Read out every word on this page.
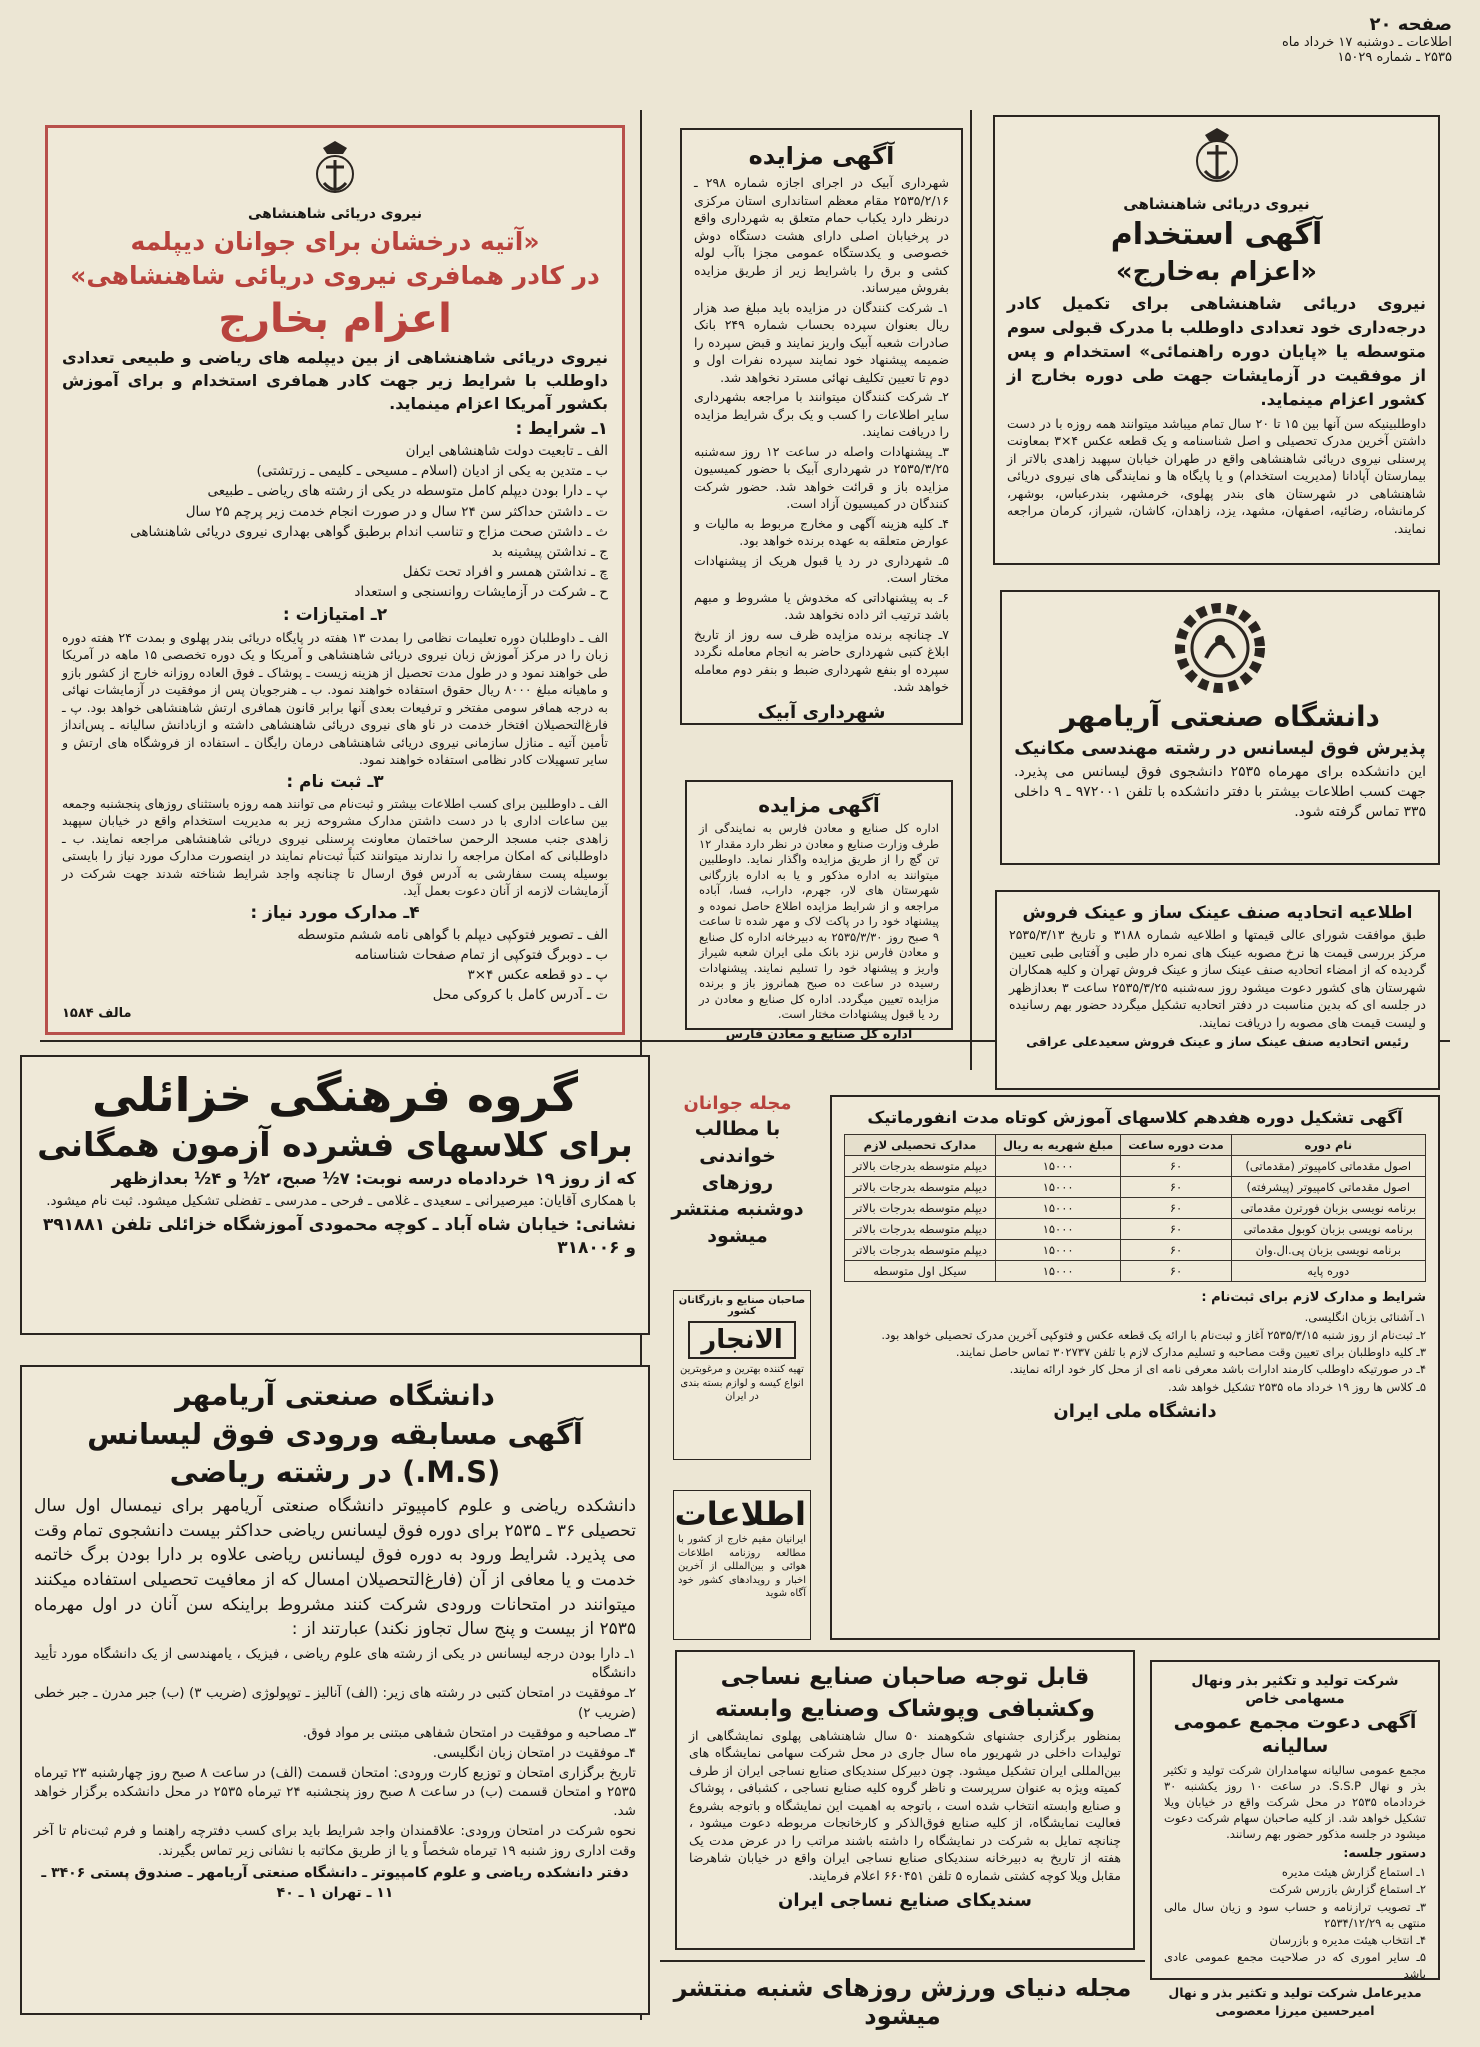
صفحه ۲۰
اطلاعات ـ دوشنبه ۱۷ خرداد ماه
۲۵۳۵ ـ شماره ۱۵۰۲۹
نیروی دریائی شاهنشاهی
آگهی استخدام
«اعزام به‌خارج»
نیروی دریائی شاهنشاهی برای تکمیل کادر درجه‌داری خود تعدادی داوطلب با مدرک قبولی سوم متوسطه یا «پایان دوره راهنمائی» استخدام و پس از موفقیت در آزمایشات جهت طی دوره بخارج از کشور اعزام مینماید.
داوطلبینیکه سن آنها بین ۱۵ تا ۲۰ سال تمام میباشد میتوانند همه روزه با در دست داشتن آخرین مدرک تحصیلی و اصل شناسنامه و یک قطعه عکس ۴×۳ بمعاونت پرسنلی نیروی دریائی شاهنشاهی واقع در طهران خیابان سپهبد زاهدی بالاتر از بیمارستان آپادانا (مدیریت استخدام) و یا پایگاه ها و نمایندگی های نیروی دریائی شاهنشاهی در شهرستان های بندر پهلوی، خرمشهر، بندرعباس، بوشهر، کرمانشاه، رضائیه، اصفهان، مشهد، یزد، زاهدان، کاشان، شیراز، کرمان مراجعه نمایند.
دانشگاه صنعتی آریامهر
پذیرش فوق لیسانس در رشته مهندسی مکانیک
این دانشکده برای مهرماه ۲۵۳۵ دانشجوی فوق لیسانس می پذیرد. جهت کسب اطلاعات بیشتر با دفتر دانشکده با تلفن ۹۷۲۰۰۱ ـ ۹ داخلی ۳۳۵ تماس گرفته شود.
اطلاعیه اتحادیه صنف عینک ساز و عینک فروش
طبق موافقت شورای عالی قیمتها و اطلاعیه شماره ۳۱۸۸ و تاریخ ۲۵۳۵/۳/۱۳ مرکز بررسی قیمت ها نرخ مصوبه عینک های نمره دار طبی و آفتابی طبی تعیین گردیده که از امضاء اتحادیه صنف عینک ساز و عینک فروش تهران و کلیه همکاران شهرستان های کشور دعوت میشود روز سه‌شنبه ۲۵۳۵/۳/۲۵ ساعت ۳ بعدازظهر در جلسه ای که بدین مناسبت در دفتر اتحادیه تشکیل میگردد حضور بهم رسانیده و لیست قیمت های مصوبه را دریافت نمایند.
رئیس اتحادیه صنف عینک ساز و عینک فروش سعیدعلی عراقی
آگهی مزایده
شهرداری آبیک در اجرای اجازه شماره ۲۹۸ ـ ۲۵۳۵/۲/۱۶ مقام معظم استانداری استان مرکزی درنظر دارد یکباب حمام متعلق به شهرداری واقع در پرخیابان اصلی دارای هشت دستگاه دوش خصوصی و یکدستگاه عمومی مجزا باآب لوله کشی و برق را باشرایط زیر از طریق مزایده بفروش میرساند.
۱ـ شرکت کنندگان در مزایده باید مبلغ صد هزار ریال بعنوان سپرده بحساب شماره ۲۴۹ بانک صادرات شعبه آبیک واریز نمایند و قبض سپرده را ضمیمه پیشنهاد خود نمایند سپرده نفرات اول و دوم تا تعیین تکلیف نهائی مسترد نخواهد شد.
۲ـ شرکت کنندگان میتوانند با مراجعه بشهرداری سایر اطلاعات را کسب و یک برگ شرایط مزایده را دریافت نمایند.
۳ـ پیشنهادات واصله در ساعت ۱۲ روز سه‌شنبه ۲۵۳۵/۳/۲۵ در شهرداری آبیک با حضور کمیسیون مزایده باز و قرائت خواهد شد. حضور شرکت کنندگان در کمیسیون آزاد است.
۴ـ کلیه هزینه آگهی و مخارج مربوط به مالیات و عوارض متعلقه به عهده برنده خواهد بود.
۵ـ شهرداری در رد یا قبول هریک از پیشنهادات مختار است.
۶ـ به پیشنهاداتی که مخدوش یا مشروط و مبهم باشد ترتیب اثر داده نخواهد شد.
۷ـ چنانچه برنده مزایده ظرف سه روز از تاریخ ابلاغ کتبی شهرداری حاضر به انجام معامله نگردد سپرده او بنفع شهرداری ضبط و بنفر دوم معامله خواهد شد.
شهرداری آبیک
آگهی مزایده
اداره کل صنایع و معادن فارس به نمایندگی از طرف وزارت صنایع و معادن در نظر دارد مقدار ۱۲ تن گچ را از طریق مزایده واگذار نماید. داوطلبین میتوانند به اداره مذکور و یا به اداره بازرگانی شهرستان های لار، جهرم، داراب، فسا، آباده مراجعه و از شرایط مزایده اطلاع حاصل نموده و پیشنهاد خود را در پاکت لاک و مهر شده تا ساعت ۹ صبح روز ۲۵۳۵/۳/۳۰ به دبیرخانه اداره کل صنایع و معادن فارس نزد بانک ملی ایران شعبه شیراز واریز و پیشنهاد خود را تسلیم نمایند. پیشنهادات رسیده در ساعت ده صبح همانروز باز و برنده مزایده تعیین میگردد. اداره کل صنایع و معادن در رد یا قبول پیشنهادات مختار است.
اداره کل صنایع و معادن فارس
نیروی دریائی شاهنشاهی
«آتیه درخشان برای جوانان دیپلمه
در کادر همافری نیروی دریائی شاهنشاهی»
اعزام بخارج
نیروی دریائی شاهنشاهی از بین دیپلمه های ریاضی و طبیعی تعدادی داوطلب با شرایط زیر جهت کادر همافری استخدام و برای آموزش بکشور آمریکا اعزام مینماید.
۱ـ شرایط :
الف ـ تابعیت دولت شاهنشاهی ایران
ب ـ متدین به یکی از ادیان (اسلام ـ مسیحی ـ کلیمی ـ زرتشتی)
پ ـ دارا بودن دیپلم کامل متوسطه در یکی از رشته های ریاضی ـ طبیعی
ت ـ داشتن حداکثر سن ۲۴ سال و در صورت انجام خدمت زیر پرچم ۲۵ سال
ث ـ داشتن صحت مزاج و تناسب اندام برطبق گواهی بهداری نیروی دریائی شاهنشاهی
ج ـ نداشتن پیشینه بد
چ ـ نداشتن همسر و افراد تحت تکفل
ح ـ شرکت در آزمایشات روانسنجی و استعداد
۲ـ امتیازات :
الف ـ داوطلبان دوره تعلیمات نظامی را بمدت ۱۳ هفته در پایگاه دریائی بندر پهلوی و بمدت ۲۴ هفته دوره زبان را در مرکز آموزش زبان نیروی دریائی شاهنشاهی و آمریکا و یک دوره تخصصی ۱۵ ماهه در آمریکا طی خواهند نمود و در طول مدت تحصیل از هزینه زیست ـ پوشاک ـ فوق العاده روزانه خارج از کشور بازو و ماهیانه مبلغ ۸۰۰۰ ریال حقوق استفاده خواهند نمود. ب ـ هنرجویان پس از موفقیت در آزمایشات نهائی به درجه همافر سومی مفتخر و ترفیعات بعدی آنها برابر قانون همافری ارتش شاهنشاهی خواهد بود. پ ـ فارغ‌التحصیلان افتخار خدمت در ناو های نیروی دریائی شاهنشاهی داشته و ازبادانش سالیانه ـ پس‌انداز تأمین آتیه ـ منازل سازمانی نیروی دریائی شاهنشاهی درمان رایگان ـ استفاده از فروشگاه های ارتش و سایر تسهیلات کادر نظامی استفاده خواهند نمود.
۳ـ ثبت نام :
الف ـ داوطلبین برای کسب اطلاعات بیشتر و ثبت‌نام می توانند همه روزه باستثنای روزهای پنجشنبه وجمعه بین ساعات اداری با در دست داشتن مدارک مشروحه زیر به مدیریت استخدام واقع در خیابان سپهبد زاهدی جنب مسجد الرحمن ساختمان معاونت پرسنلی نیروی دریائی شاهنشاهی مراجعه نمایند. ب ـ داوطلبانی که امکان مراجعه را ندارند میتوانند کتباً ثبت‌نام نمایند در اینصورت مدارک مورد نیاز را بایستی بوسیله پست سفارشی به آدرس فوق ارسال تا چنانچه واجد شرایط شناخته شدند جهت شرکت در آزمایشات لازمه از آنان دعوت بعمل آید.
۴ـ مدارک مورد نیاز :
الف ـ تصویر فتوکپی دیپلم با گواهی نامه ششم متوسطه
ب ـ دوبرگ فتوکپی از تمام صفحات شناسنامه
پ ـ دو قطعه عکس ۴×۳
ت ـ آدرس کامل با کروکی محل
مالف ۱۵۸۴
گروه فرهنگی خزائلی
برای کلاسهای فشرده آزمون همگانی
که از روز ۱۹ خردادماه درسه نوبت: ۷½ صبح، ۲½ و ۴½ بعدازظهر
با همکاری آقایان: میرصیرانی ـ سعیدی ـ غلامی ـ فرحی ـ مدرسی ـ تفضلی تشکیل میشود. ثبت نام میشود.
نشانی: خیابان شاه آباد ـ کوچه محمودی آموزشگاه خزائلی تلفن ۳۹۱۸۸۱ و ۳۱۸۰۰۶
دانشگاه صنعتی آریامهر
آگهی مسابقه ورودی فوق لیسانس
(M.S.) در رشته ریاضی
دانشکده ریاضی و علوم کامپیوتر دانشگاه صنعتی آریامهر برای نیمسال اول سال تحصیلی ۳۶ ـ ۲۵۳۵ برای دوره فوق لیسانس ریاضی حداکثر بیست دانشجوی تمام وقت می پذیرد. شرایط ورود به دوره فوق لیسانس ریاضی علاوه بر دارا بودن برگ خاتمه خدمت و یا معافی از آن (فارغ‌التحصیلان امسال که از معافیت تحصیلی استفاده میکنند میتوانند در امتحانات ورودی شرکت کنند مشروط براینکه سن آنان در اول مهرماه ۲۵۳۵ از بیست و پنج سال تجاوز نکند) عبارتند از :
۱ـ دارا بودن درجه لیسانس در یکی از رشته های علوم ریاضی ، فیزیک ، یامهندسی از یک دانشگاه مورد تأیید دانشگاه
۲ـ موفقیت در امتحان کتبی در رشته های زیر: (الف) آنالیز ـ توپولوژی (ضریب ۳) (ب) جبر مدرن ـ جبر خطی (ضریب ۲)
۳ـ مصاحبه و موفقیت در امتحان شفاهی مبتنی بر مواد فوق.
۴ـ موفقیت در امتحان زبان انگلیسی.
تاریخ برگزاری امتحان و توزیع کارت ورودی: امتحان قسمت (الف) در ساعت ۸ صبح روز چهارشنبه ۲۳ تیرماه ۲۵۳۵ و امتحان قسمت (ب) در ساعت ۸ صبح روز پنجشنبه ۲۴ تیرماه ۲۵۳۵ در محل دانشکده برگزار خواهد شد.
نحوه شرکت در امتحان ورودی: علاقمندان واجد شرایط باید برای کسب دفترچه راهنما و فرم ثبت‌نام تا آخر وقت اداری روز شنبه ۱۹ تیرماه شخصاً و یا از طریق مکاتبه با نشانی زیر تماس بگیرند.
دفتر دانشکده ریاضی و علوم کامپیوتر ـ دانشگاه صنعتی آریامهر ـ صندوق پستی ۳۴۰۶ ـ ۱۱ ـ تهران ۱ ـ ۴۰
مجله جوانان
با مطالب
خواندنی
روزهای
دوشنبه منتشر
میشود
صاحبان صنایع و بازرگانان کشور
الانجار
تهیه کننده بهترین و مرغوبترین انواع کیسه و لوازم بسته بندی در ایران
اطلاعات
ایرانیان مقیم خارج از کشور با مطالعه روزنامه اطلاعات هوائی و بین‌المللی از آخرین اخبار و رویدادهای کشور خود آگاه شوید
آگهی تشکیل دوره هفدهم کلاسهای آموزش کوتاه مدت انفورماتیک
نام دوره	مدت دوره ساعت	مبلغ شهریه به ریال	مدارک تحصیلی لازم
اصول مقدماتی کامپیوتر (مقدماتی)	۶۰	۱۵۰۰۰	دیپلم متوسطه بدرجات بالاتر
اصول مقدماتی کامپیوتر (پیشرفته)	۶۰	۱۵۰۰۰	دیپلم متوسطه بدرجات بالاتر
برنامه نویسی بزبان فورترن مقدماتی	۶۰	۱۵۰۰۰	دیپلم متوسطه بدرجات بالاتر
برنامه نویسی بزبان کوبول مقدماتی	۶۰	۱۵۰۰۰	دیپلم متوسطه بدرجات بالاتر
برنامه نویسی بزبان پی.ال.وان	۶۰	۱۵۰۰۰	دیپلم متوسطه بدرجات بالاتر
دوره پایه	۶۰	۱۵۰۰۰	سیکل اول متوسطه
شرایط و مدارک لازم برای ثبت‌نام :
۱ـ آشنائی بزبان انگلیسی.
۲ـ ثبت‌نام از روز شنبه ۲۵۳۵/۳/۱۵ آغاز و ثبت‌نام با ارائه یک قطعه عکس و فتوکپی آخرین مدرک تحصیلی خواهد بود.
۳ـ کلیه داوطلبان برای تعیین وقت مصاحبه و تسلیم مدارک لازم با تلفن ۳۰۲۷۳۷ تماس حاصل نمایند.
۴ـ در صورتیکه داوطلب کارمند ادارات باشد معرفی نامه ای از محل کار خود ارائه نمایند.
۵ـ کلاس ها روز ۱۹ خرداد ماه ۲۵۳۵ تشکیل خواهد شد.
دانشگاه ملی ایران
قابل توجه صاحبان صنایع نساجی
وکشبافی وپوشاک وصنایع وابسته
بمنظور برگزاری جشنهای شکوهمند ۵۰ سال شاهنشاهی پهلوی نمایشگاهی از تولیدات داخلی در شهریور ماه سال جاری در محل شرکت سهامی نمایشگاه های بین‌المللی ایران تشکیل میشود. چون دبیرکل سندیکای صنایع نساجی ایران از طرف کمیته ویژه به عنوان سرپرست و ناظر گروه کلیه صنایع نساجی ، کشبافی ، پوشاک و صنایع وابسته انتخاب شده است ، باتوجه به اهمیت این نمایشگاه و باتوجه بشروع فعالیت نمایشگاه، از کلیه صنایع فوق‌الذکر و کارخانجات مربوطه دعوت میشود ، چنانچه تمایل به شرکت در نمایشگاه را داشته باشند مراتب را در عرض مدت یک هفته از تاریخ به دبیرخانه سندیکای صنایع نساجی ایران واقع در خیابان شاهرضا مقابل ویلا کوچه کشتی شماره ۵ تلفن ۶۶۰۴۵۱ اعلام فرمایند.
سندیکای صنایع نساجی ایران
شرکت تولید و تکثیر بذر ونهال مسهامی خاص
آگهی دعوت مجمع عمومی سالیانه
مجمع عمومی سالیانه سهامداران شرکت تولید و تکثیر بذر و نهال S.S.P. در ساعت ۱۰ روز یکشنبه ۳۰ خردادماه ۲۵۳۵ در محل شرکت واقع در خیابان ویلا تشکیل خواهد شد. از کلیه صاحبان سهام شرکت دعوت میشود در جلسه مذکور حضور بهم رسانند.
دستور جلسه:
۱ـ استماع گزارش هیئت مدیره
۲ـ استماع گزارش بازرس شرکت
۳ـ تصویب ترازنامه و حساب سود و زیان سال مالی منتهی به ۲۵۳۴/۱۲/۲۹
۴ـ انتخاب هیئت مدیره و بازرسان
۵ـ سایر اموری که در صلاحیت مجمع عمومی عادی باشد
مدیرعامل شرکت تولید و تکثیر بذر و نهال امیرحسین میرزا معصومی
مجله دنیای ورزش روزهای شنبه منتشر میشود
